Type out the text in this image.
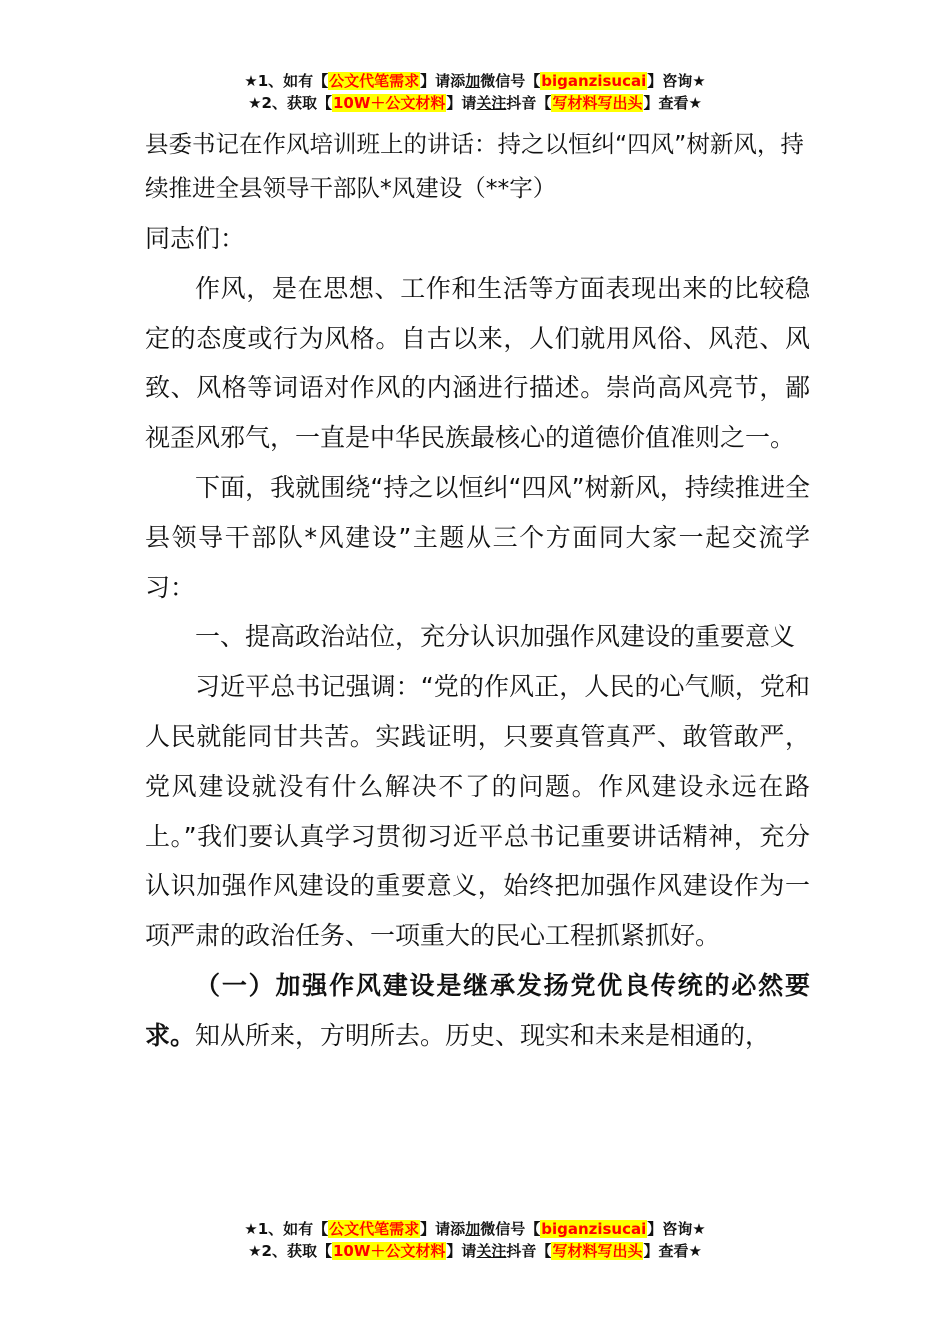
★1、如有【公文代笔需求】请添加微信号【biganzisucai】咨询★
★2、获取【10W＋公文材料】请关注抖音【写材料写出头】查看★

县委书记在作风培训班上的讲话：持之以恒纠“四风”树新风，持续推进全县领导干部队*风建设（**字）

同志们：

作风，是在思想、工作和生活等方面表现出来的比较稳定的态度或行为风格。自古以来，人们就用风俗、风范、风致、风格等词语对作风的内涵进行描述。崇尚高风亮节，鄙视歪风邪气，一直是中华民族最核心的道德价值准则之一。

下面，我就围绕“持之以恒纠“四风”树新风，持续推进全县领导干部队*风建设”主题从三个方面同大家一起交流学习：

一、提高政治站位，充分认识加强作风建设的重要意义

习近平总书记强调：“党的作风正，人民的心气顺，党和人民就能同甘共苦。实践证明，只要真管真严、敢管敢严，党风建设就没有什么解决不了的问题。作风建设永远在路上。”我们要认真学习贯彻习近平总书记重要讲话精神，充分认识加强作风建设的重要意义，始终把加强作风建设作为一项严肃的政治任务、一项重大的民心工程抓紧抓好。

（一）加强作风建设是继承发扬党优良传统的必然要求。知从所来，方明所去。历史、现实和未来是相通的，

★1、如有【公文代笔需求】请添加微信号【biganzisucai】咨询★
★2、获取【10W＋公文材料】请关注抖音【写材料写出头】查看★
